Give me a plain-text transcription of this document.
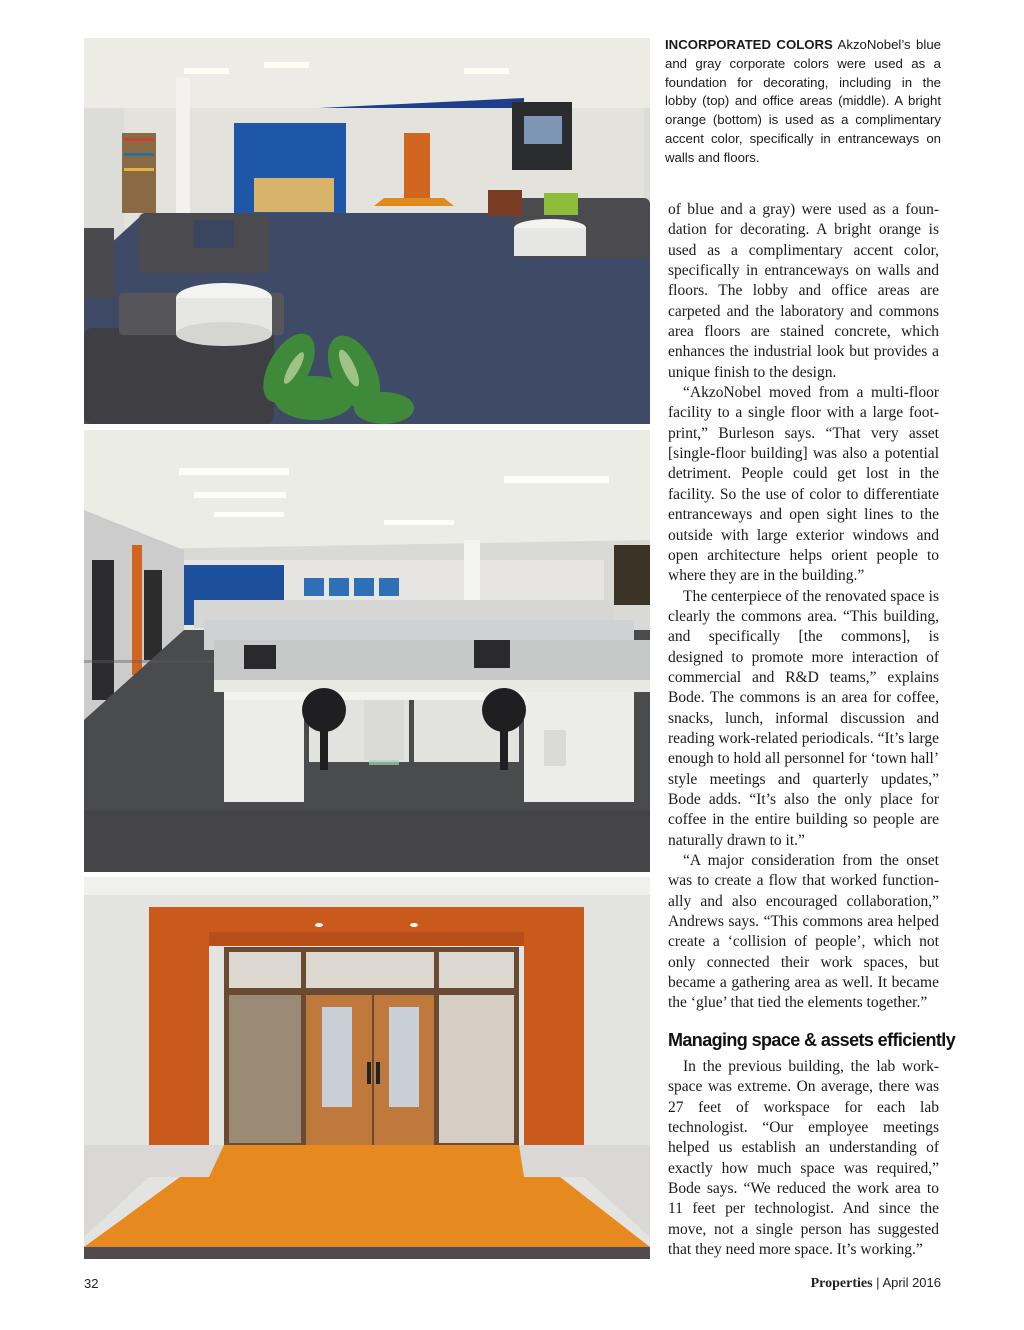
INCORPORATED COLORS AkzoNobel’s blue and gray corporate colors were used as a foundation for decorating, including in the lobby (top) and office areas (middle). A bright orange (bottom) is used as a complimentary accent color, specifically in entranceways on walls and floors.

of blue and a gray) were used as a foundation for decorating. A bright orange is used as a complimentary accent color, specifically in entranceways on walls and floors. The lobby and office areas are carpeted and the laboratory and commons area floors are stained concrete, which enhances the industrial look but provides a unique finish to the design.

“AkzoNobel moved from a multi-floor facility to a single floor with a large footprint,” Burleson says. “That very asset [single-floor building] was also a potential detriment. People could get lost in the facility. So the use of color to differentiate entranceways and open sight lines to the outside with large exterior windows and open architecture helps orient people to where they are in the building.”

The centerpiece of the renovated space is clearly the commons area. “This building, and specifically [the commons], is designed to promote more interaction of commercial and R&D teams,” explains Bode. The commons is an area for coffee, snacks, lunch, informal discussion and reading work-related periodicals. “It’s large enough to hold all personnel for ‘town hall’ style meetings and quarterly updates,” Bode adds. “It’s also the only place for coffee in the entire building so people are naturally drawn to it.”

“A major consideration from the onset was to create a flow that worked functionally and also encouraged collaboration,” Andrews says. “This commons area helped create a ‘collision of people’, which not only connected their work spaces, but became a gathering area as well. It became the ‘glue’ that tied the elements together.”

Managing space & assets efficiently

In the previous building, the lab workspace was extreme. On average, there was 27 feet of workspace for each lab technologist. “Our employee meetings helped us establish an understanding of exactly how much space was required,” Bode says. “We reduced the work area to 11 feet per technologist. And since the move, not a single person has suggested that they need more space. It’s working.”

32	Properties | April 2016
